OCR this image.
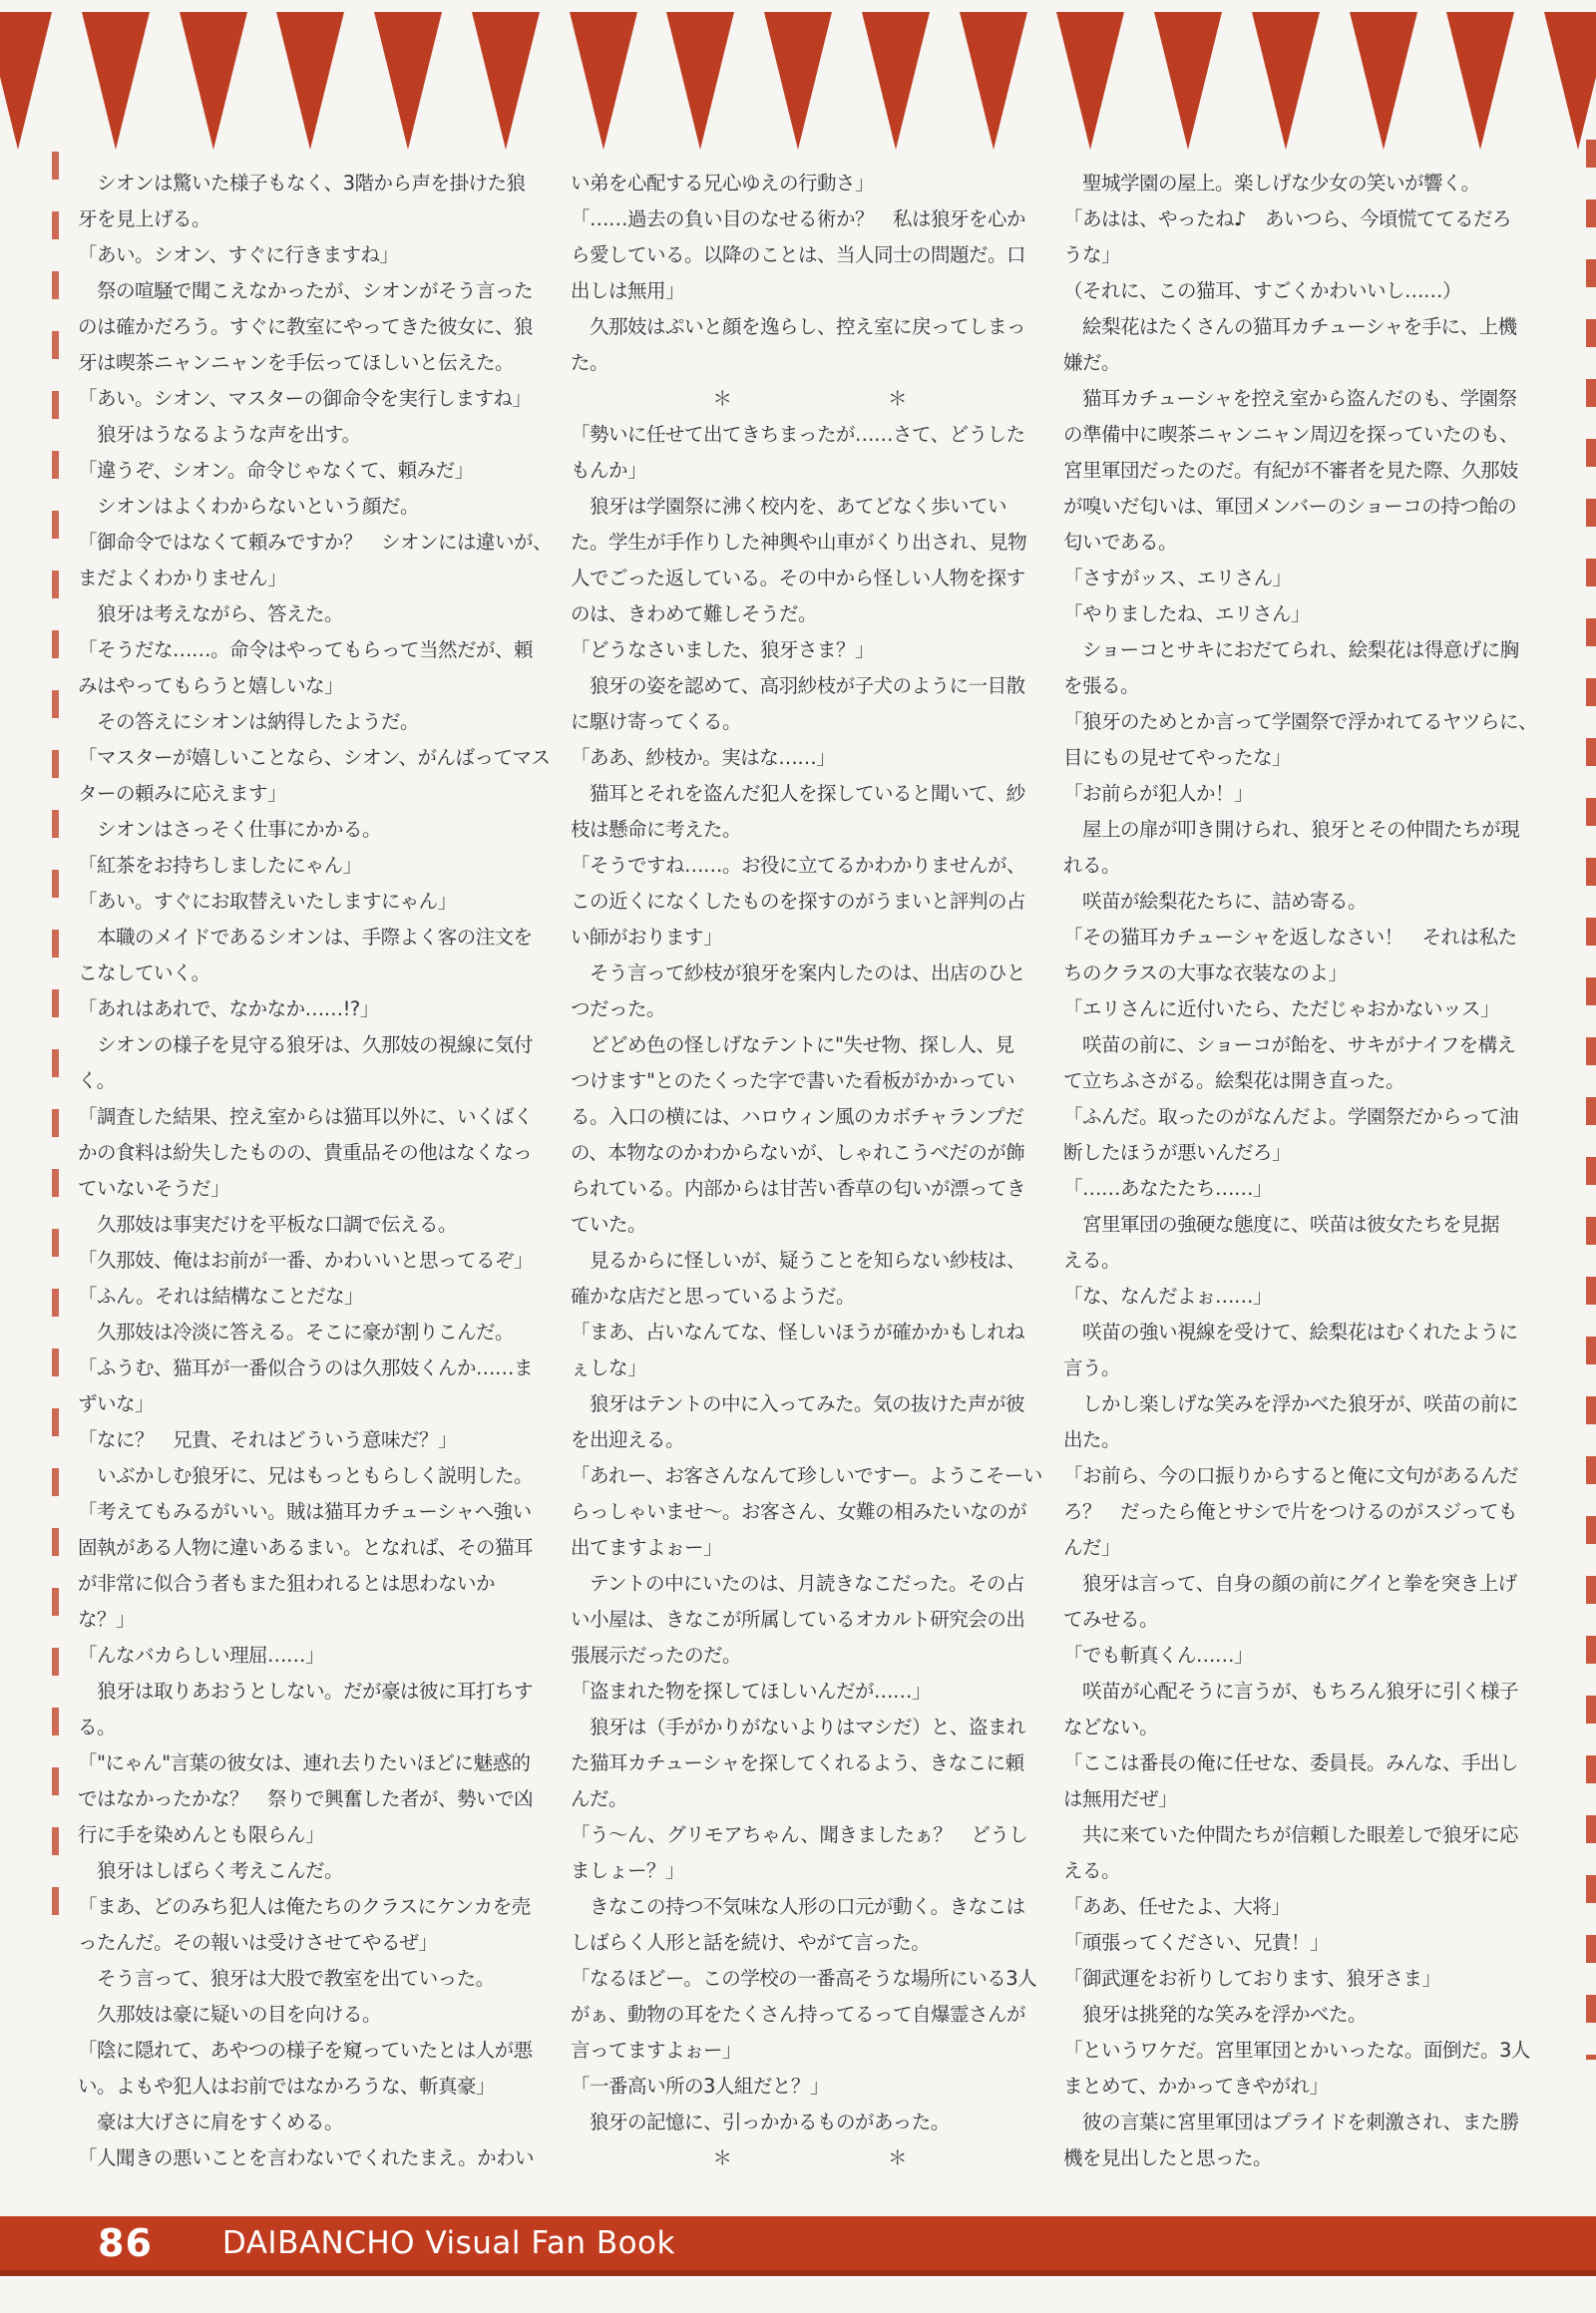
　シオンは驚いた様子もなく、3階から声を掛けた狼
牙を見上げる。
「あい。シオン、すぐに行きますね」
　祭の喧騒で聞こえなかったが、シオンがそう言った
のは確かだろう。すぐに教室にやってきた彼女に、狼
牙は喫茶ニャンニャンを手伝ってほしいと伝えた。
「あい。シオン、マスターの御命令を実行しますね」
　狼牙はうなるような声を出す。
「違うぞ、シオン。命令じゃなくて、頼みだ」
　シオンはよくわからないという顔だ。
「御命令ではなくて頼みですか？　シオンには違いが、
まだよくわかりません」
　狼牙は考えながら、答えた。
「そうだな……。命令はやってもらって当然だが、頼
みはやってもらうと嬉しいな」
　その答えにシオンは納得したようだ。
「マスターが嬉しいことなら、シオン、がんばってマス
ターの頼みに応えます」
　シオンはさっそく仕事にかかる。
「紅茶をお持ちしましたにゃん」
「あい。すぐにお取替えいたしますにゃん」
　本職のメイドであるシオンは、手際よく客の注文を
こなしていく。
「あれはあれで、なかなか……!?」
　シオンの様子を見守る狼牙は、久那妓の視線に気付
く。
「調査した結果、控え室からは猫耳以外に、いくばく
かの食料は紛失したものの、貴重品その他はなくなっ
ていないそうだ」
　久那妓は事実だけを平板な口調で伝える。
「久那妓、俺はお前が一番、かわいいと思ってるぞ」
「ふん。それは結構なことだな」
　久那妓は冷淡に答える。そこに豪が割りこんだ。
「ふうむ、猫耳が一番似合うのは久那妓くんか……ま
ずいな」
「なに？　兄貴、それはどういう意味だ？」
　いぶかしむ狼牙に、兄はもっともらしく説明した。
「考えてもみるがいい。賊は猫耳カチューシャへ強い
固執がある人物に違いあるまい。となれば、その猫耳
が非常に似合う者もまた狙われるとは思わないか
な？」
「んなバカらしい理屈……」
　狼牙は取りあおうとしない。だが豪は彼に耳打ちす
る。
「"にゃん"言葉の彼女は、連れ去りたいほどに魅惑的
ではなかったかな？　祭りで興奮した者が、勢いで凶
行に手を染めんとも限らん」
　狼牙はしばらく考えこんだ。
「まあ、どのみち犯人は俺たちのクラスにケンカを売
ったんだ。その報いは受けさせてやるぜ」
　そう言って、狼牙は大股で教室を出ていった。
　久那妓は豪に疑いの目を向ける。
「陰に隠れて、あやつの様子を窺っていたとは人が悪
い。よもや犯人はお前ではなかろうな、斬真豪」
　豪は大げさに肩をすくめる。
「人聞きの悪いことを言わないでくれたまえ。かわい
い弟を心配する兄心ゆえの行動さ」
「……過去の負い目のなせる術か？　私は狼牙を心か
ら愛している。以降のことは、当人同士の問題だ。口
出しは無用」
　久那妓はぷいと顔を逸らし、控え室に戻ってしまっ
た。
＊　　　　　　　　＊
「勢いに任せて出てきちまったが……さて、どうした
もんか」
　狼牙は学園祭に沸く校内を、あてどなく歩いてい
た。学生が手作りした神輿や山車がくり出され、見物
人でごった返している。その中から怪しい人物を探す
のは、きわめて難しそうだ。
「どうなさいました、狼牙さま？」
　狼牙の姿を認めて、高羽紗枝が子犬のように一目散
に駆け寄ってくる。
「ああ、紗枝か。実はな……」
　猫耳とそれを盗んだ犯人を探していると聞いて、紗
枝は懸命に考えた。
「そうですね……。お役に立てるかわかりませんが、
この近くになくしたものを探すのがうまいと評判の占
い師がおります」
　そう言って紗枝が狼牙を案内したのは、出店のひと
つだった。
　どどめ色の怪しげなテントに"失せ物、探し人、見
つけます"とのたくった字で書いた看板がかかってい
る。入口の横には、ハロウィン風のカボチャランプだ
の、本物なのかわからないが、しゃれこうべだのが飾
られている。内部からは甘苦い香草の匂いが漂ってき
ていた。
　見るからに怪しいが、疑うことを知らない紗枝は、
確かな店だと思っているようだ。
「まあ、占いなんてな、怪しいほうが確かかもしれね
ぇしな」
　狼牙はテントの中に入ってみた。気の抜けた声が彼
を出迎える。
「あれー、お客さんなんて珍しいですー。ようこそーい
らっしゃいませ〜。お客さん、女難の相みたいなのが
出てますよぉー」
　テントの中にいたのは、月読きなこだった。その占
い小屋は、きなこが所属しているオカルト研究会の出
張展示だったのだ。
「盗まれた物を探してほしいんだが……」
　狼牙は（手がかりがないよりはマシだ）と、盗まれ
た猫耳カチューシャを探してくれるよう、きなこに頼
んだ。
「う〜ん、グリモアちゃん、聞きましたぁ？　どうし
ましょー？」
　きなこの持つ不気味な人形の口元が動く。きなこは
しばらく人形と話を続け、やがて言った。
「なるほどー。この学校の一番高そうな場所にいる3人
がぁ、動物の耳をたくさん持ってるって自爆霊さんが
言ってますよぉー」
「一番高い所の3人組だと？」
　狼牙の記憶に、引っかかるものがあった。
＊　　　　　　　　＊
　聖城学園の屋上。楽しげな少女の笑いが響く。
「あはは、やったね♪　あいつら、今頃慌ててるだろ
うな」
（それに、この猫耳、すごくかわいいし……）
　絵梨花はたくさんの猫耳カチューシャを手に、上機
嫌だ。
　猫耳カチューシャを控え室から盗んだのも、学園祭
の準備中に喫茶ニャンニャン周辺を探っていたのも、
宮里軍団だったのだ。有紀が不審者を見た際、久那妓
が嗅いだ匂いは、軍団メンバーのショーコの持つ飴の
匂いである。
「さすがッス、エリさん」
「やりましたね、エリさん」
　ショーコとサキにおだてられ、絵梨花は得意げに胸
を張る。
「狼牙のためとか言って学園祭で浮かれてるヤツらに、
目にもの見せてやったな」
「お前らが犯人か！」
　屋上の扉が叩き開けられ、狼牙とその仲間たちが現
れる。
　咲苗が絵梨花たちに、詰め寄る。
「その猫耳カチューシャを返しなさい！　それは私た
ちのクラスの大事な衣装なのよ」
「エリさんに近付いたら、ただじゃおかないッス」
　咲苗の前に、ショーコが飴を、サキがナイフを構え
て立ちふさがる。絵梨花は開き直った。
「ふんだ。取ったのがなんだよ。学園祭だからって油
断したほうが悪いんだろ」
「……あなたたち……」
　宮里軍団の強硬な態度に、咲苗は彼女たちを見据
える。
「な、なんだよぉ……」
　咲苗の強い視線を受けて、絵梨花はむくれたように
言う。
　しかし楽しげな笑みを浮かべた狼牙が、咲苗の前に
出た。
「お前ら、今の口振りからすると俺に文句があるんだ
ろ？　だったら俺とサシで片をつけるのがスジっても
んだ」
　狼牙は言って、自身の顔の前にグイと拳を突き上げ
てみせる。
「でも斬真くん……」
　咲苗が心配そうに言うが、もちろん狼牙に引く様子
などない。
「ここは番長の俺に任せな、委員長。みんな、手出し
は無用だぜ」
　共に来ていた仲間たちが信頼した眼差しで狼牙に応
える。
「ああ、任せたよ、大将」
「頑張ってください、兄貴！」
「御武運をお祈りしております、狼牙さま」
　狼牙は挑発的な笑みを浮かべた。
「というワケだ。宮里軍団とかいったな。面倒だ。3人
まとめて、かかってきやがれ」
　彼の言葉に宮里軍団はプライドを刺激され、また勝
機を見出したと思った。
86 DAIBANCHO Visual Fan Book
